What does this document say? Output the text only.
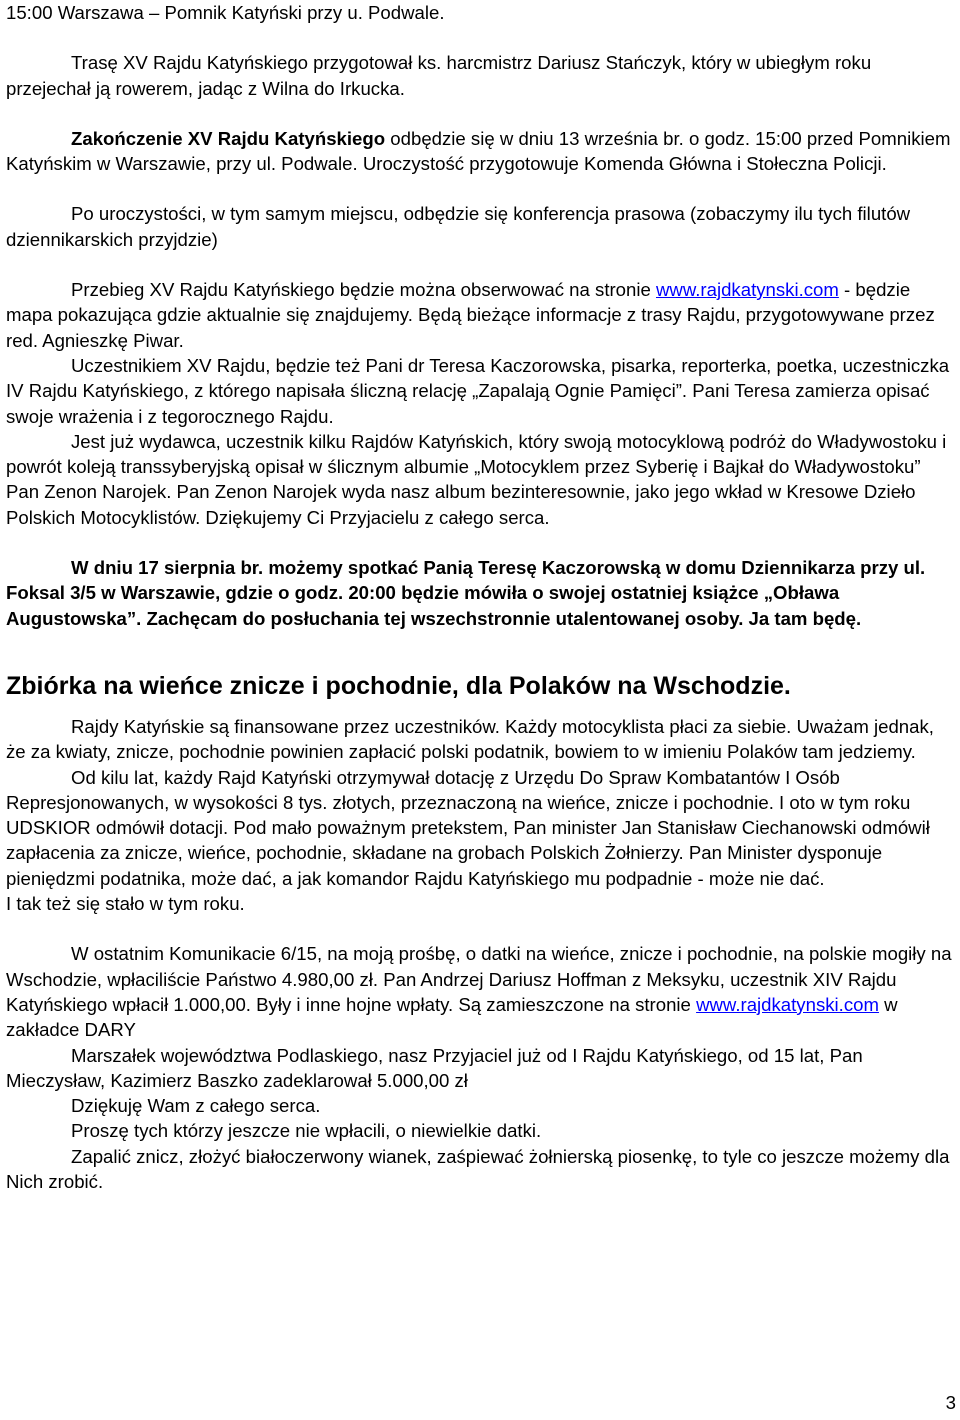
15:00 Warszawa – Pomnik Katyński przy u. Podwale.

Trasę XV Rajdu Katyńskiego przygotował ks. harcmistrz Dariusz Stańczyk, który w ubiegłym roku przejechał ją rowerem, jadąc z Wilna do Irkucka.

Zakończenie XV Rajdu Katyńskiego odbędzie się w dniu 13 września br. o godz. 15:00 przed Pomnikiem Katyńskim w Warszawie, przy ul. Podwale. Uroczystość przygotowuje Komenda Główna i Stołeczna Policji.

Po uroczystości, w tym samym miejscu, odbędzie się konferencja prasowa (zobaczymy ilu tych filutów dziennikarskich przyjdzie)

Przebieg XV Rajdu Katyńskiego będzie można obserwować na stronie www.rajdkatynski.com - będzie mapa pokazująca gdzie aktualnie się znajdujemy. Będą bieżące informacje z trasy Rajdu, przygotowywane przez red. Agnieszkę Piwar.

Uczestnikiem XV Rajdu, będzie też Pani dr Teresa Kaczorowska, pisarka, reporterka, poetka, uczestniczka IV Rajdu Katyńskiego, z którego napisała śliczną relację „Zapalają Ognie Pamięci”. Pani Teresa zamierza opisać swoje wrażenia i z tegorocznego Rajdu.

Jest już wydawca, uczestnik kilku Rajdów Katyńskich, który swoją motocyklową podróż do Władywostoku i powrót koleją transsyberyjską opisał w ślicznym albumie „Motocyklem przez Syberię i Bajkał do Władywostoku” Pan Zenon Narojek. Pan Zenon Narojek wyda nasz album bezinteresownie, jako jego wkład w Kresowe Dzieło Polskich Motocyklistów. Dziękujemy Ci Przyjacielu z całego serca.

W dniu 17 sierpnia br. możemy spotkać Panią Teresę Kaczorowską w domu Dziennikarza przy ul. Foksal 3/5 w Warszawie, gdzie o godz. 20:00 będzie mówiła o swojej ostatniej książce „Obława Augustowska”. Zachęcam do posłuchania tej wszechstronnie utalentowanej osoby. Ja tam będę.

Zbiórka na wieńce znicze i pochodnie, dla Polaków na Wschodzie.

Rajdy Katyńskie są finansowane przez uczestników. Każdy motocyklista płaci za siebie. Uważam jednak, że za kwiaty, znicze, pochodnie powinien zapłacić polski podatnik, bowiem to w imieniu Polaków tam jedziemy.

Od kilu lat, każdy Rajd Katyński otrzymywał dotację z Urzędu Do Spraw Kombatantów I Osób Represjonowanych, w wysokości 8 tys. złotych, przeznaczoną na wieńce, znicze i pochodnie. I oto w tym roku UDSKIOR odmówił dotacji. Pod mało poważnym pretekstem, Pan minister Jan Stanisław Ciechanowski odmówił zapłacenia za znicze, wieńce, pochodnie, składane na grobach Polskich Żołnierzy. Pan Minister dysponuje pieniędzmi podatnika, może dać, a jak komandor Rajdu Katyńskiego mu podpadnie - może nie dać.

I tak też się stało w tym roku.

W ostatnim Komunikacie 6/15, na moją prośbę, o datki na wieńce, znicze i pochodnie, na polskie mogiły na Wschodzie, wpłaciliście Państwo 4.980,00 zł. Pan Andrzej Dariusz Hoffman z Meksyku, uczestnik XIV Rajdu Katyńskiego wpłacił 1.000,00. Były i inne hojne wpłaty. Są zamieszczone na stronie www.rajdkatynski.com w zakładce DARY

Marszałek województwa Podlaskiego, nasz Przyjaciel już od I Rajdu Katyńskiego, od 15 lat, Pan Mieczysław, Kazimierz Baszko zadeklarował 5.000,00 zł

Dziękuję Wam z całego serca.

Proszę tych którzy jeszcze nie wpłacili, o niewielkie datki.

Zapalić znicz, złożyć białoczerwony wianek, zaśpiewać żołnierską piosenkę, to tyle co jeszcze możemy dla Nich zrobić.

3
